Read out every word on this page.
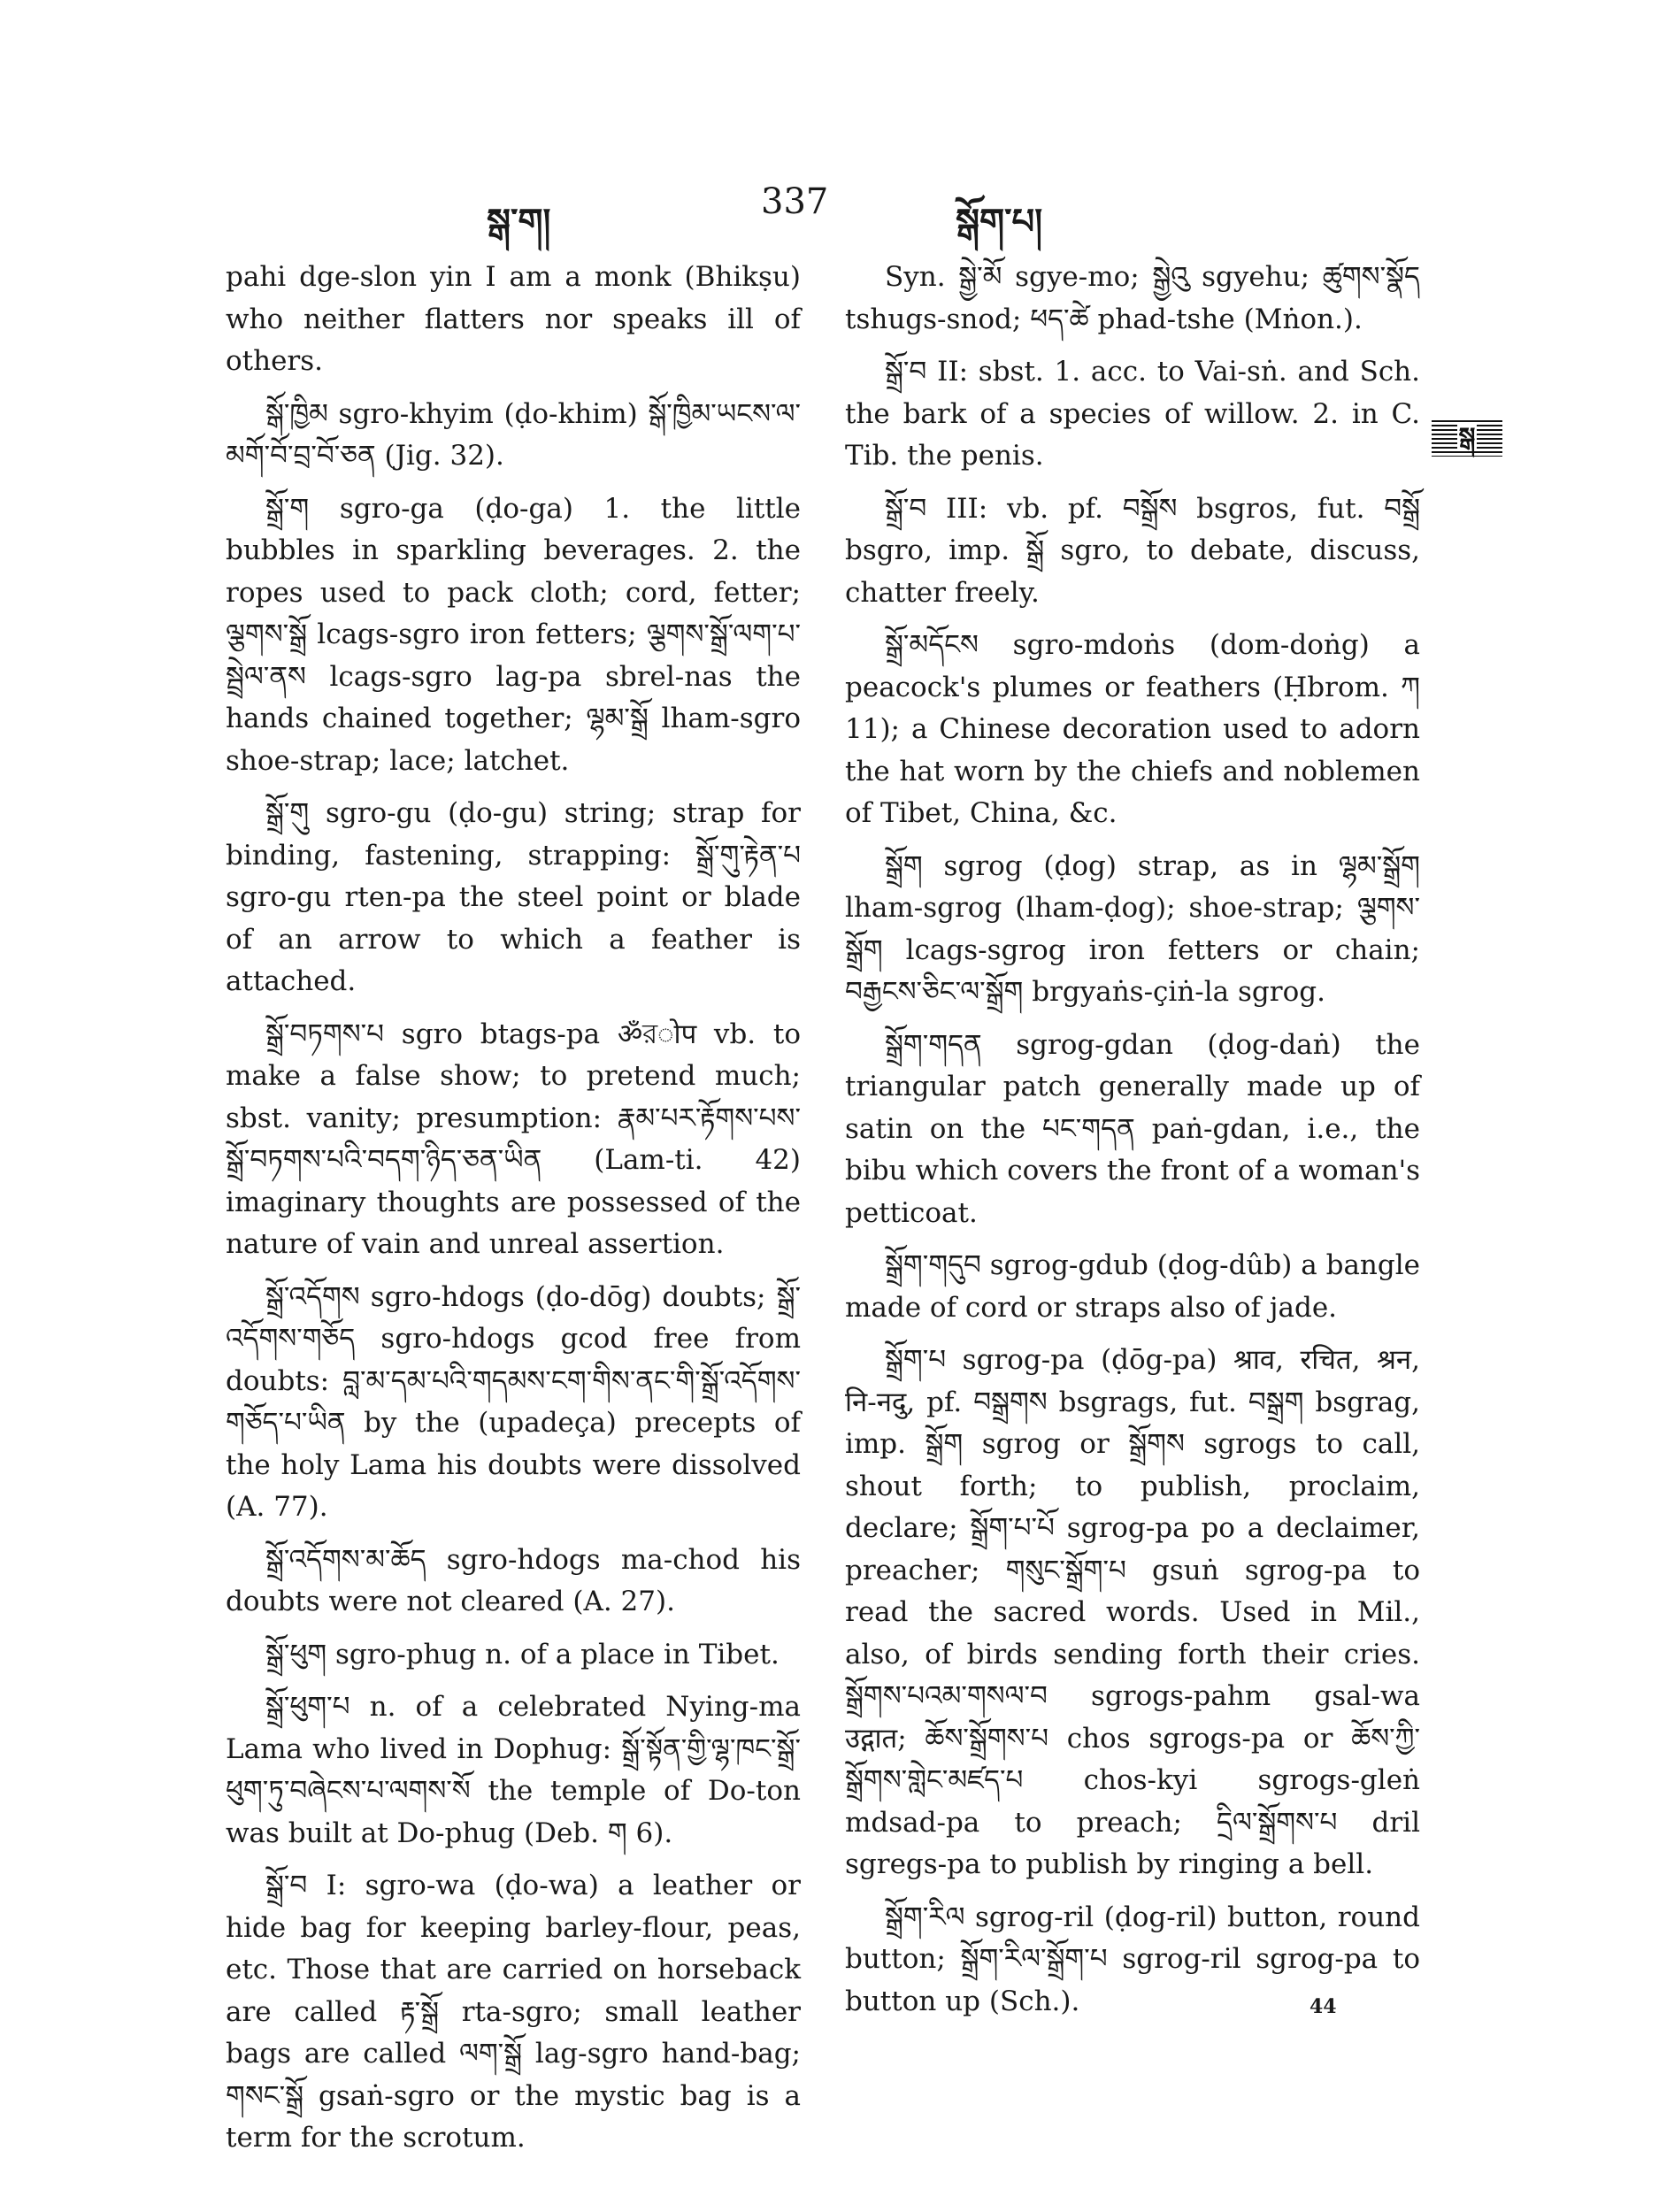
སྒ་ག།	337	སྒོག་པ།

pahi dge-slon yin I am a monk (Bhikṣu) who neither flatters nor speaks ill of others.

སྒོ་ཁྱིམ sgro-khyim (ḍo-khim) སྒོ་ཁྱིམ་ཡངས་ལ་མགོ་བོ་བྲ་བོ་ཅན (Jig. 32).

སྒྲོ་ག sgro-ga (ḍo-ga) 1. the little bubbles in sparkling beverages. 2. the ropes used to pack cloth; cord, fetter; ལྕགས་སྒྲོ lcags-sgro iron fetters; ལྕགས་སྒྲོ་ལག་པ་སྦྲེལ་ནས lcags-sgro lag-pa sbrel-nas the hands chained together; ལྷམ་སྒྲོ lham-sgro shoe-strap; lace; latchet.

སྒྲོ་གུ sgro-gu (ḍo-gu) string; strap for binding, fastening, strapping: སྒྲོ་གུ་རྟེན་པ sgro-gu rten-pa the steel point or blade of an arrow to which a feather is attached.

སྒྲོ་བཏགས་པ sgro btags-pa ॐরोप vb. to make a false show; to pretend much; sbst. vanity; presumption: རྣམ་པར་རྟོགས་པས་སྒྲོ་བཏགས་པའི་བདག་ཉིད་ཅན་ཡིན (Lam-ti. 42) imaginary thoughts are possessed of the nature of vain and unreal assertion.

སྒྲོ་འདོགས sgro-hdogs (ḍo-dōg) doubts; སྒྲོ་འདོགས་གཅོད sgro-hdogs gcod free from doubts: བླ་མ་དམ་པའི་གདམས་ངག་གིས་ནང་གི་སྒྲོ་འདོགས་གཅོད་པ་ཡིན by the (upadeça) precepts of the holy Lama his doubts were dissolved (A. 77).

སྒྲོ་འདོགས་མ་ཆོད sgro-hdogs ma-chod his doubts were not cleared (A. 27).

སྒྲོ་ཕུག sgro-phug n. of a place in Tibet.

སྒྲོ་ཕུག་པ n. of a celebrated Nying-ma Lama who lived in Dophug: སྒྲོ་སྟོན་གྱི་ལྷ་ཁང་སྒྲོ་ཕུག་ཏུ་བཞེངས་པ་ལགས་སོ the temple of Do-ton was built at Do-phug (Deb. ག 6).

སྒྲོ་བ I: sgro-wa (ḍo-wa) a leather or hide bag for keeping barley-flour, peas, etc. Those that are carried on horseback are called རྟ་སྒྲོ rta-sgro; small leather bags are called ལག་སྒྲོ lag-sgro hand-bag; གསང་སྒྲོ gsaṅ-sgro or the mystic bag is a term for the scrotum.

Syn. སྒྱེ་མོ sgye-mo; སྒྱེའུ sgyehu; ཚུགས་སྣོད tshugs-snod; ཕད་ཚེ phad-tshe (Mṅon.).

སྒྲོ་བ II: sbst. 1. acc. to Vai-sṅ. and Sch. the bark of a species of willow. 2. in C. Tib. the penis.

སྒྲོ་བ III: vb. pf. བསྒྲོས bsgros, fut. བསྒྲོ bsgro, imp. སྒྲོ sgro, to debate, discuss, chatter freely.

སྒྲོ་མདོངས sgro-mdoṅs (dom-doṅg) a peacock's plumes or feathers (Ḥbrom. ཀ 11); a Chinese decoration used to adorn the hat worn by the chiefs and noblemen of Tibet, China, &c.

སྒྲོག sgrog (ḍog) strap, as in ལྷམ་སྒྲོག lham-sgrog (lham-ḍog); shoe-strap; ལྕགས་སྒྲོག lcags-sgrog iron fetters or chain; བརྒྱངས་ཅིང་ལ་སྒྲོག brgyaṅs-çiṅ-la sgrog.

སྒྲོག་གདན sgrog-gdan (ḍog-daṅ) the triangular patch generally made up of satin on the པང་གདན paṅ-gdan, i.e., the bibu which covers the front of a woman's petticoat.

སྒྲོག་གདུབ sgrog-gdub (ḍog-dûb) a bangle made of cord or straps also of jade.

སྒྲོག་པ sgrog-pa (ḍōg-pa) श्राव, रचित, श्रन, नि-नदु, pf. བསྒྲགས bsgrags, fut. བསྒྲག bsgrag, imp. སྒྲོག sgrog or སྒྲོགས sgrogs to call, shout forth; to publish, proclaim, declare; སྒྲོག་པ་པོ sgrog-pa po a declaimer, preacher; གསུང་སྒྲོག་པ gsuṅ sgrog-pa to read the sacred words. Used in Mil., also, of birds sending forth their cries. སྒྲོགས་པའམ་གསལ་བ sgrogs-pahm gsal-wa उद्गात; ཆོས་སྒྲོགས་པ chos sgrogs-pa or ཆོས་ཀྱི་སྒྲོགས་གླེང་མཛད་པ chos-kyi sgrogs-gleṅ mdsad-pa to preach; དྲིལ་སྒྲོགས་པ dril sgregs-pa to publish by ringing a bell.

སྒྲོག་རིལ sgrog-ril (ḍog-ril) button, round button; སྒྲོག་རིལ་སྒྲོག་པ sgrog-ril sgrog-pa to button up (Sch.).

སྒ
44
